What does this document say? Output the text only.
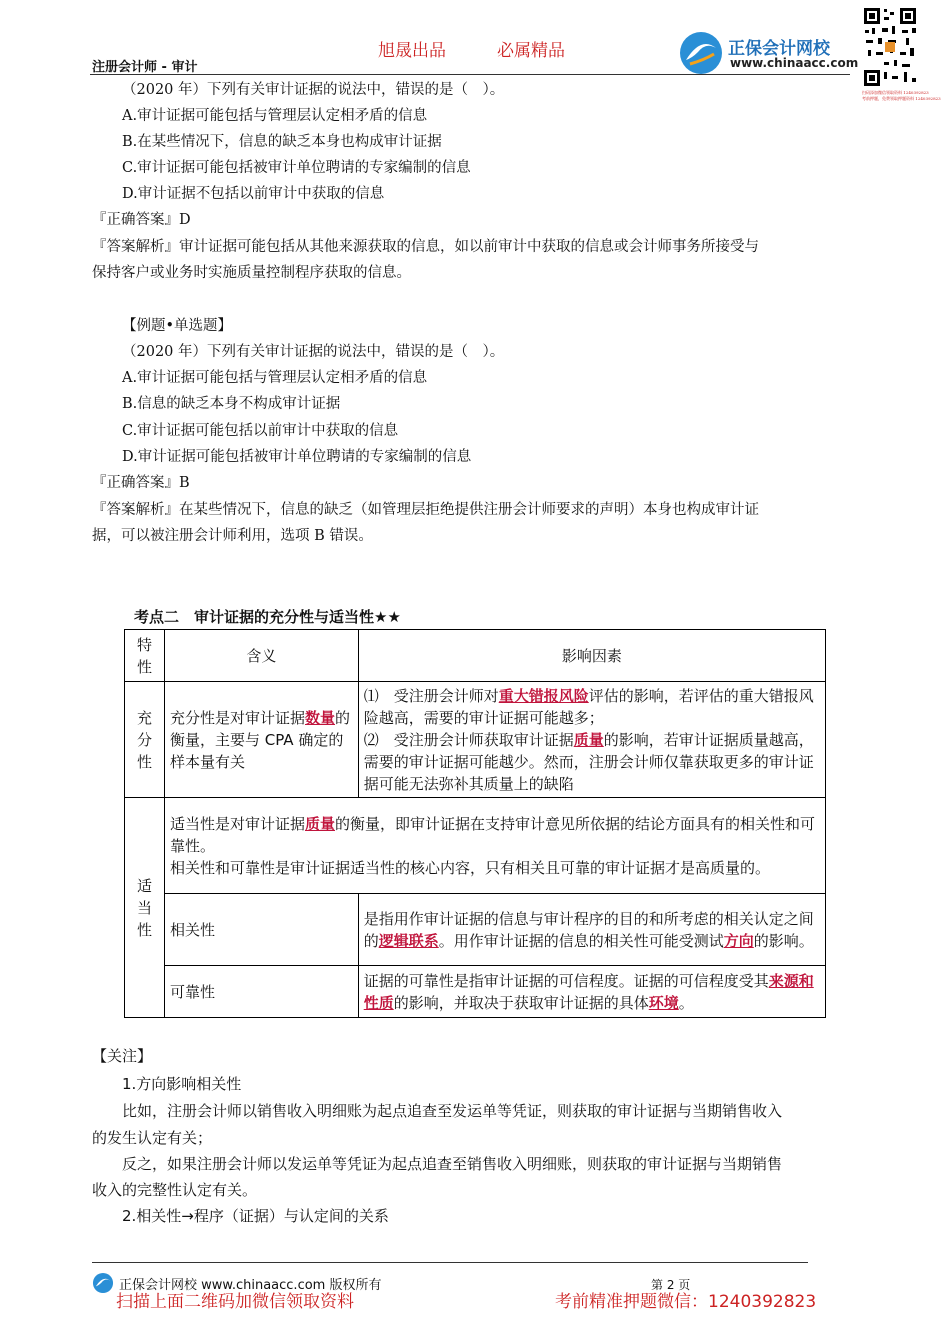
注册会计师 - 审计
旭晟出品	必属精品	正保会计网校
www.chinaacc.com
扫码添加微信领取资料 1240392823
考前押题，免费领取押题资料 1240392823
（2020 年）下列有关审计证据的说法中，错误的是（　）。
A.审计证据可能包括与管理层认定相矛盾的信息
B.在某些情况下，信息的缺乏本身也构成审计证据
C.审计证据可能包括被审计单位聘请的专家编制的信息
D.审计证据不包括以前审计中获取的信息
『正确答案』D
『答案解析』审计证据可能包括从其他来源获取的信息，如以前审计中获取的信息或会计师事务所接受与
保持客户或业务时实施质量控制程序获取的信息。
【例题•单选题】
（2020 年）下列有关审计证据的说法中，错误的是（　）。
A.审计证据可能包括与管理层认定相矛盾的信息
B.信息的缺乏本身不构成审计证据
C.审计证据可能包括以前审计中获取的信息
D.审计证据可能包括被审计单位聘请的专家编制的信息
『正确答案』B
『答案解析』在某些情况下，信息的缺乏（如管理层拒绝提供注册会计师要求的声明）本身也构成审计证
据，可以被注册会计师利用，选项 B 错误。
考点二　审计证据的充分性与适当性★★
特性	含义	影响因素
充分性	充分性是对审计证据数量的衡量，主要与 CPA 确定的样本量有关	⑴　受注册会计师对重大错报风险评估的影响，若评估的重大错报风险越高，需要的审计证据可能越多；
⑵　受注册会计师获取审计证据质量的影响，若审计证据质量越高，需要的审计证据可能越少。然而，注册会计师仅靠获取更多的审计证据可能无法弥补其质量上的缺陷

适当性	适当性是对审计证据质量的衡量，即审计证据在支持审计意见所依据的结论方面具有的相关性和可靠性。
相关性和可靠性是审计证据适当性的核心内容，只有相关且可靠的审计证据才是高质量的。	

	相关性	是指用作审计证据的信息与审计程序的目的和所考虑的相关认定之间的逻辑联系。用作审计证据的信息的相关性可能受测试方向的影响。
	可靠性	证据的可靠性是指审计证据的可信程度。证据的可信程度受其来源和性质的影响，并取决于获取审计证据的具体环境。
【关注】
1.方向影响相关性
比如，注册会计师以销售收入明细账为起点追查至发运单等凭证，则获取的审计证据与当期销售收入
的发生认定有关；
反之，如果注册会计师以发运单等凭证为起点追查至销售收入明细账，则获取的审计证据与当期销售
收入的完整性认定有关。
2.相关性→程序（证据）与认定间的关系
正保会计网校 www.chinaacc.com 版权所有	第 2 页
扫描上面二维码加微信领取资料	考前精准押题微信：1240392823
